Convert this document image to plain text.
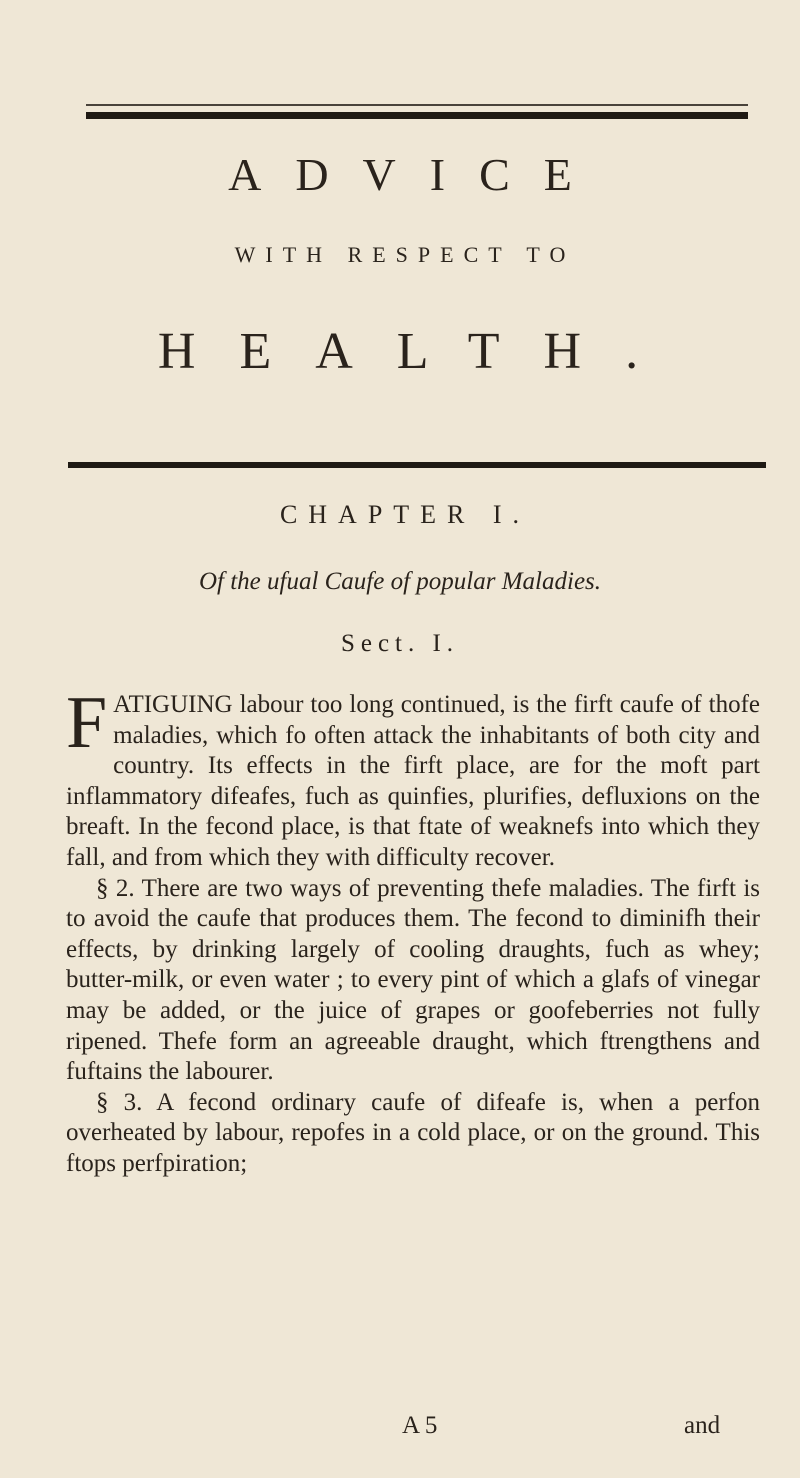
ADVICE
WITH RESPECT TO
HEALTH.
CHAPTER I.
Of the ufual Caufe of popular Maladies.
Sect. I.

FATIGUING labour too long continued, is the firft caufe of thofe maladies, which fo often attack the inhabitants of both city and country. Its effects in the firft place, are for the moft part inflammatory difeafes, fuch as quinfies, plurifies, defluxions on the breaft. In the fecond place, is that ftate of weaknefs into which they fall, and from which they with difficulty recover.

§ 2. There are two ways of preventing thefe maladies. The firft is to avoid the caufe that produces them. The fecond to diminifh their effects, by drinking largely of cooling draughts, fuch as whey; butter-milk, or even water ; to every pint of which a glafs of vinegar may be added, or the juice of grapes or goofeberries not fully ripened. Thefe form an agreeable draught, which ftrengthens and fuftains the labourer.

§ 3. A fecond ordinary caufe of difeafe is, when a perfon overheated by labour, repofes in a cold place, or on the ground. This ftops perfpiration;

A 5	and
